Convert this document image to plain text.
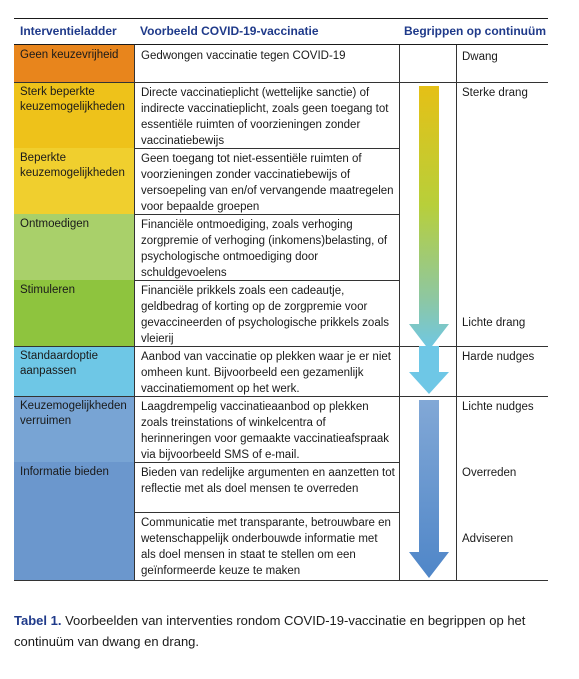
Interventieladder Voorbeeld COVID-19-vaccinatie	Begrippen op continuüm
Geen keuzevrijheid
Sterk beperkte keuzemogelijkheden
Beperkte keuzemogelijkheden
Ontmoedigen
Stimuleren
Standaardoptie aanpassen
Keuzemogelijkheden verruimen
Informatie bieden
Gedwongen vaccinatie tegen COVID-19
Directe vaccinatieplicht (wettelijke sanctie) of indirecte vaccinatieplicht, zoals geen toegang tot essentiële ruimten of voorzieningen zonder vaccinatiebewijs
Geen toegang tot niet-essentiële ruimten of voorzieningen zonder vaccinatiebewijs of versoepeling van en/of vervangende maatregelen voor bepaalde groepen
Financiële ontmoediging, zoals verhoging zorgpremie of verhoging (inkomens)belasting, of psychologische ontmoediging door schuldgevoelens
Financiële prikkels zoals een cadeautje, geldbedrag of korting op de zorgpremie voor gevaccineerden of psychologische prikkels zoals vleierij
Aanbod van vaccinatie op plekken waar je er niet omheen kunt. Bijvoorbeeld een gezamenlijk vaccinatiemoment op het werk.
Laagdrempelig vaccinatieaanbod op plekken zoals treinstations of winkelcentra of herinneringen voor gemaakte vaccinatieafspraak via bijvoorbeeld SMS of e-mail.
Bieden van redelijke argumenten en aanzetten tot reflectie met als doel mensen te overreden
Communicatie met transparante, betrouwbare en wetenschappelijk onderbouwde informatie met als doel mensen in staat te stellen om een geïnformeerde keuze te maken
Dwang
Sterke drang
Lichte drang
Harde nudges
Lichte nudges
Overreden
Adviseren
Tabel 1. Voorbeelden van interventies rondom COVID-19-vaccinatie en begrippen op het continuüm van dwang en drang.
